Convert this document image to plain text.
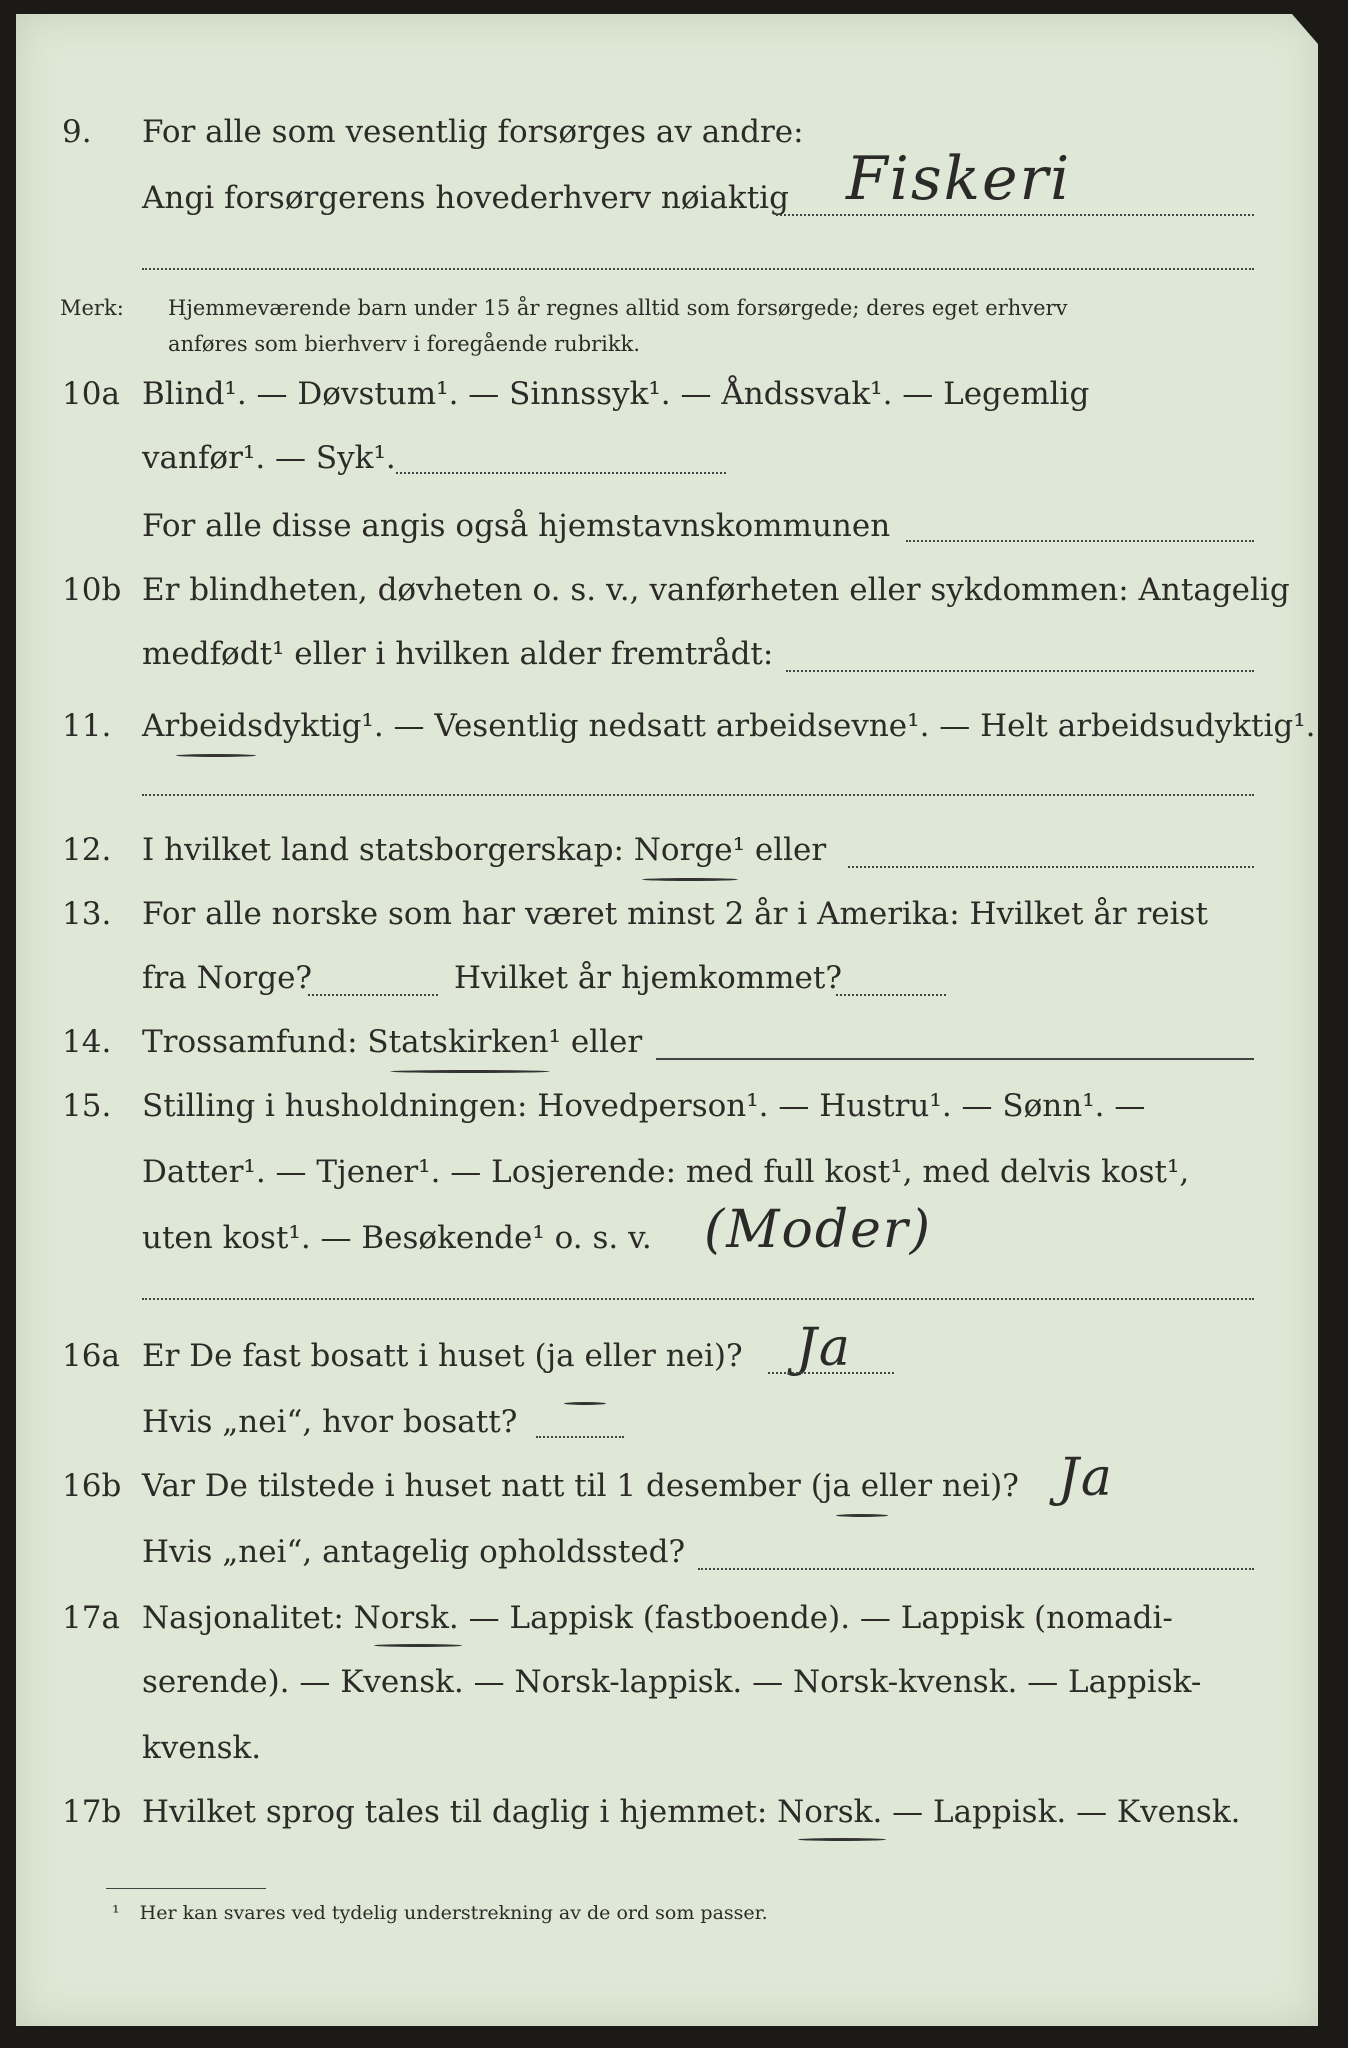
9. For alle som vesentlig forsørges av andre:
Angi forsørgerens hovederhverv nøiaktig Fiskeri
Merk: Hjemmeværende barn under 15 år regnes alltid som forsørgede; deres eget erhverv
anføres som bierhverv i foregående rubrikk.
10a Blind¹. — Døvstum¹. — Sinnssyk¹. — Åndssvak¹. — Legemlig
vanfør¹. — Syk¹.
For alle disse angis også hjemstavnskommunen
10b Er blindheten, døvheten o. s. v., vanførheten eller sykdommen: Antagelig
medfødt¹ eller i hvilken alder fremtrådt:
11. Arbeidsdyktig¹. — Vesentlig nedsatt arbeidsevne¹. — Helt arbeidsudyktig¹.
12. I hvilket land statsborgerskap: Norge¹ eller
13. For alle norske som har været minst 2 år i Amerika: Hvilket år reist
fra Norge?	Hvilket år hjemkommet?
14. Trossamfund: Statskirken¹ eller
15. Stilling i husholdningen: Hovedperson¹. — Hustru¹. — Sønn¹. —
Datter¹. — Tjener¹. — Losjerende: med full kost¹, med delvis kost¹,
uten kost¹. — Besøkende¹ o. s. v. (Moder)
16a Er De fast bosatt i huset (ja eller nei)? Ja
Hvis „nei“, hvor bosatt?
16b Var De tilstede i huset natt til 1 desember (ja eller nei)? Ja
Hvis „nei“, antagelig opholdssted?
17a Nasjonalitet: Norsk. — Lappisk (fastboende). — Lappisk (nomadi-
serende). — Kvensk. — Norsk-lappisk. — Norsk-kvensk. — Lappisk-
kvensk.
17b Hvilket sprog tales til daglig i hjemmet: Norsk. — Lappisk. — Kvensk.
¹ Her kan svares ved tydelig understrekning av de ord som passer.
